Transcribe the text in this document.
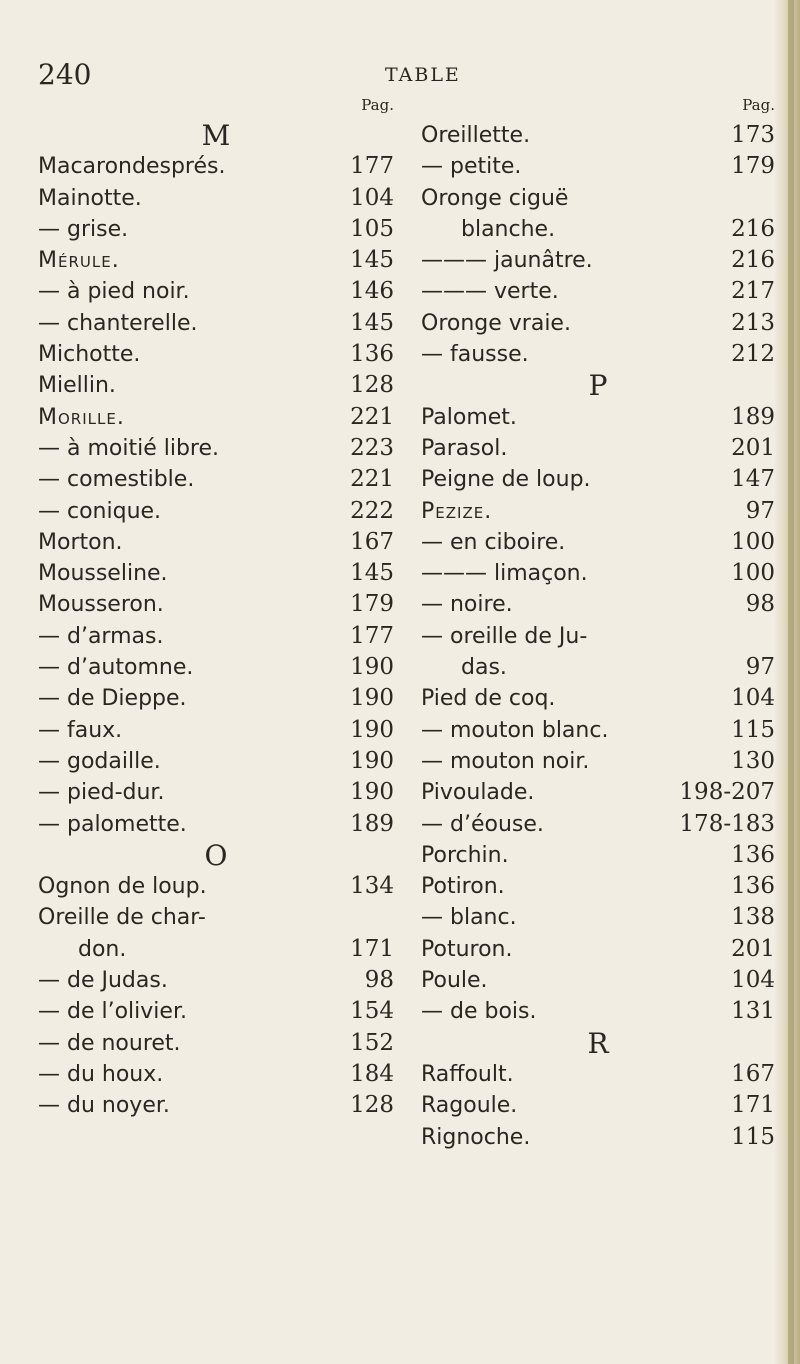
240	TABLE
Pag.
M
Macarondesprés.	177
Mainotte.	104
— grise.	105
Mérule.	145
— à pied noir.	146
— chanterelle.	145
Michotte.	136
Miellin.	128
Morille.	221
— à moitié libre.	223
— comestible.	221
— conique.	222
Morton.	167
Mousseline.	145
Mousseron.	179
— d’armas.	177
— d’automne.	190
— de Dieppe.	190
— faux.	190
— godaille.	190
— pied-dur.	190
— palomette.	189
O
Ognon de loup.	134
Oreille de char-
don.	171
— de Judas.	98
— de l’olivier.	154
— de nouret.	152
— du houx.	184
— du noyer.	128
Pag.
Oreillette.	173
— petite.	179
Oronge ciguë
blanche.	216
——— jaunâtre.	216
——— verte.	217
Oronge vraie.	213
— fausse.	212
P
Palomet.	189
Parasol.	201
Peigne de loup.	147
Pezize.	97
— en ciboire.	100
——— limaçon.	100
— noire.	98
— oreille de Ju-
das.	97
Pied de coq.	104
— mouton blanc.	115
— mouton noir.	130
Pivoulade.	198-207
— d’éouse.	178-183
Porchin.	136
Potiron.	136
— blanc.	138
Poturon.	201
Poule.	104
— de bois.	131
R
Raffoult.	167
Ragoule.	171
Rignoche.	115
